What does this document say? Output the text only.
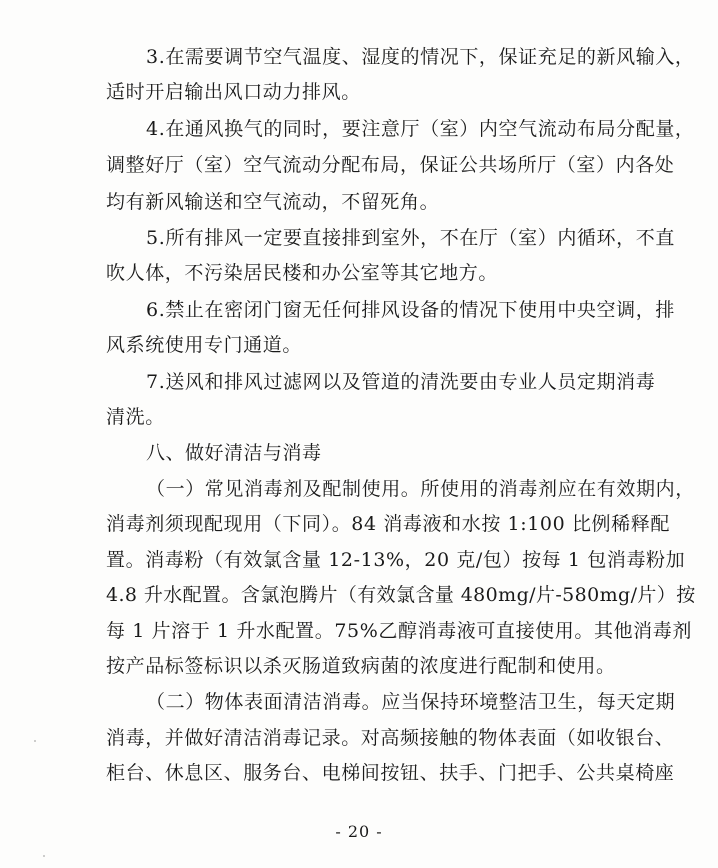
3.在需要调节空气温度、湿度的情况下，保证充足的新风输入，
适时开启输出风口动力排风。
4.在通风换气的同时，要注意厅（室）内空气流动布局分配量，
调整好厅（室）空气流动分配布局，保证公共场所厅（室）内各处
均有新风输送和空气流动，不留死角。
5.所有排风一定要直接排到室外，不在厅（室）内循环，不直
吹人体，不污染居民楼和办公室等其它地方。
6.禁止在密闭门窗无任何排风设备的情况下使用中央空调，排
风系统使用专门通道。
7.送风和排风过滤网以及管道的清洗要由专业人员定期消毒
清洗。
八、做好清洁与消毒
（一）常见消毒剂及配制使用。所使用的消毒剂应在有效期内，
消毒剂须现配现用（下同）。84 消毒液和水按 1:100 比例稀释配
置。消毒粉（有效氯含量 12-13%，20 克/包）按每 1 包消毒粉加
4.8 升水配置。含氯泡腾片（有效氯含量 480mg/片-580mg/片）按
每 1 片溶于 1 升水配置。75%乙醇消毒液可直接使用。其他消毒剂
按产品标签标识以杀灭肠道致病菌的浓度进行配制和使用。
（二）物体表面清洁消毒。应当保持环境整洁卫生，每天定期
消毒，并做好清洁消毒记录。对高频接触的物体表面（如收银台、
柜台、休息区、服务台、电梯间按钮、扶手、门把手、公共桌椅座
- 20 -
